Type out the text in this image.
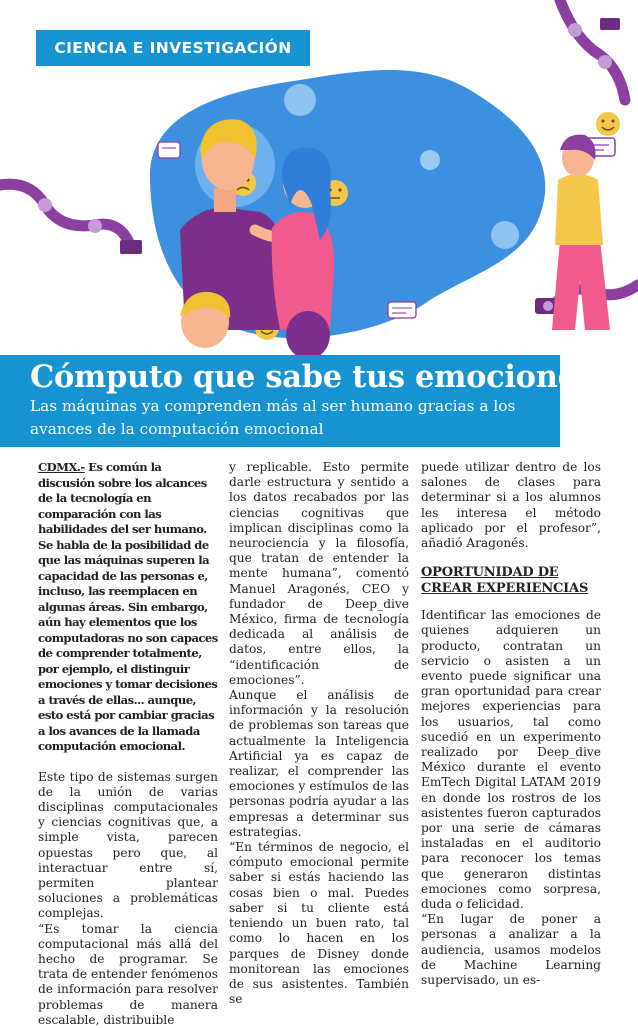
CIENCIA E INVESTIGACIÓN
Cómputo que sabe tus emociones

Las máquinas ya comprenden más al ser humano gracias a los avances de la computación emocional

CDMX.- Es común la discusión sobre los alcances de la tecnología en comparación con las habilidades del ser humano. Se habla de la posibilidad de que las máquinas superen la capacidad de las personas e, incluso, las reemplacen en algunas áreas. Sin embargo, aún hay elementos que los computadoras no son capaces de comprender totalmente, por ejemplo, el distinguir emociones y tomar decisiones a través de ellas... aunque, esto está por cambiar gracias a los avances de la llamada computación emocional.

Este tipo de sistemas surgen de la unión de varias disciplinas computacionales y ciencias cognitivas que, a simple vista, parecen opuestas pero que, al interactuar entre sí, permiten plantear soluciones a problemáticas complejas.

“Es tomar la ciencia computacional más allá del hecho de programar. Se trata de entender fenómenos de información para resolver problemas de manera escalable, distribuible

y replicable. Esto permite darle estructura y sentido a los datos recabados por las ciencias cognitivas que implican disciplinas como la neurociencia y la filosofía, que tratan de entender la mente humana”, comentó Manuel Aragonés, CEO y fundador de Deep_dive México, firma de tecnología dedicada al análisis de datos, entre ellos, la “identificación de emociones”.

Aunque el análisis de información y la resolución de problemas son tareas que actualmente la Inteligencia Artificial ya es capaz de realizar, el comprender las emociones y estímulos de las personas podría ayudar a las empresas a determinar sus estrategias.

“En términos de negocio, el cómputo emocional permite saber si estás haciendo las cosas bien o mal. Puedes saber si tu cliente está teniendo un buen rato, tal como lo hacen en los parques de Disney donde monitorean las emociones de sus asistentes. También se

puede utilizar dentro de los salones de clases para determinar si a los alumnos les interesa el método aplicado por el profesor”, añadió Aragonés.

OPORTUNIDAD DE CREAR EXPERIENCIAS

Identificar las emociones de quienes adquieren un producto, contratan un servicio o asisten a un evento puede significar una gran oportunidad para crear mejores experiencias para los usuarios, tal como sucedió en un experimento realizado por Deep_dive México durante el evento EmTech Digital LATAM 2019 en donde los rostros de los asistentes fueron capturados por una serie de cámaras instaladas en el auditorio para reconocer los temas que generaron distintas emociones como sorpresa, duda o felicidad.

“En lugar de poner a personas a analizar a la audiencia, usamos modelos de Machine Learning supervisado, un es-
